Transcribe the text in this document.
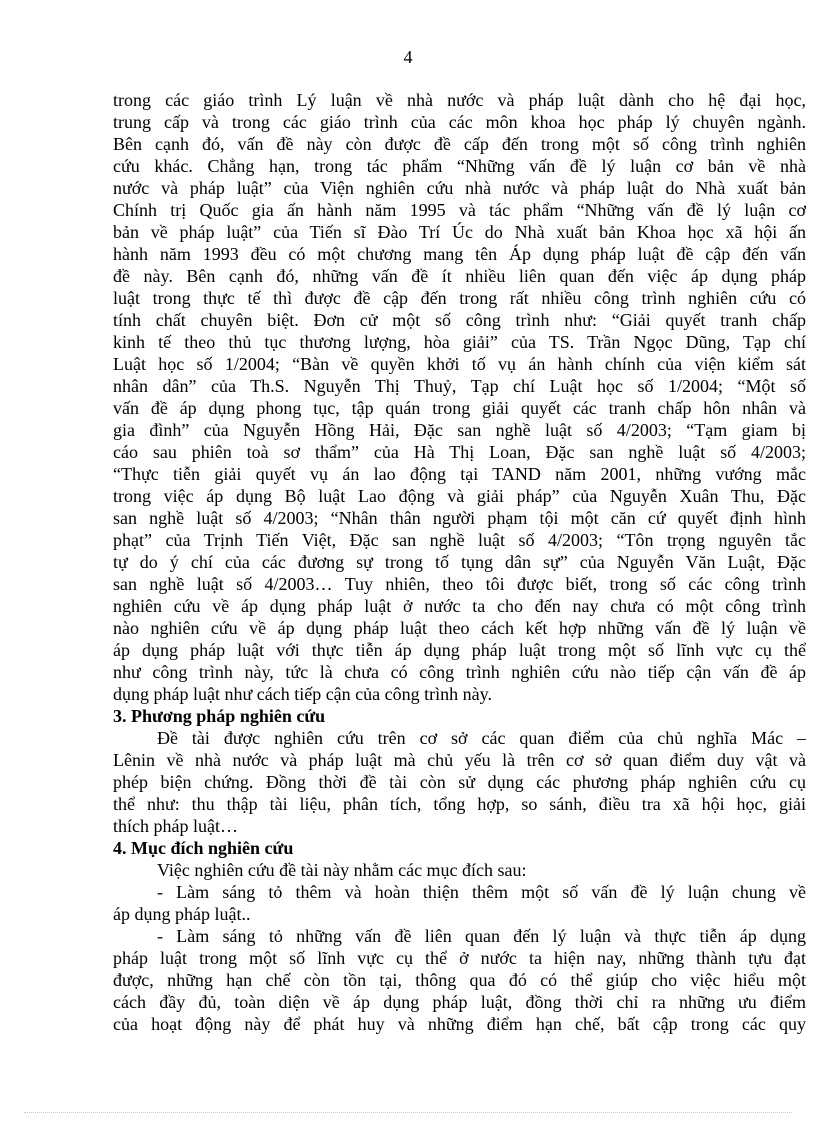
4
trong các giáo trình Lý luận về nhà nước và pháp luật dành cho hệ đại học,
trung cấp và trong các giáo trình của các môn khoa học pháp lý chuyên ngành.
Bên cạnh đó, vấn đề này còn được đề cấp đến trong một số công trình nghiên
cứu khác. Chẳng hạn, trong tác phẩm “Những vấn đề lý luận cơ bản về nhà
nước và pháp luật” của Viện nghiên cứu nhà nước và pháp luật do Nhà xuất bản
Chính trị Quốc gia ấn hành năm 1995 và tác phẩm “Những vấn đề lý luận cơ
bản về pháp luật” của Tiến sĩ Đào Trí Úc do Nhà xuất bản Khoa học xã hội ấn
hành năm 1993 đều có một chương mang tên Áp dụng pháp luật đề cập đến vấn
đề này. Bên cạnh đó, những vấn đề ít nhiều liên quan đến việc áp dụng pháp
luật trong thực tế thì được đề cập đến trong rất nhiều công trình nghiên cứu có
tính chất chuyên biệt. Đơn cử một số công trình như: “Giải quyết tranh chấp
kinh tế theo thủ tục thương lượng, hòa giải” của TS. Trần Ngọc Dũng, Tạp chí
Luật học số 1/2004; “Bàn về quyền khởi tố vụ án hành chính của viện kiểm sát
nhân dân” của Th.S. Nguyễn Thị Thuỷ, Tạp chí Luật học số 1/2004; “Một số
vấn đề áp dụng phong tục, tập quán trong giải quyết các tranh chấp hôn nhân và
gia đình” của Nguyễn Hồng Hải, Đặc san nghề luật số 4/2003; “Tạm giam bị
cáo sau phiên toà sơ thẩm” của Hà Thị Loan, Đặc san nghề luật số 4/2003;
“Thực tiễn giải quyết vụ án lao động tại TAND năm 2001, những vướng mắc
trong việc áp dụng Bộ luật Lao động và giải pháp” của Nguyễn Xuân Thu, Đặc
san nghề luật số 4/2003; “Nhân thân người phạm tội một căn cứ quyết định hình
phạt” của Trịnh Tiến Việt, Đặc san nghề luật số 4/2003; “Tôn trọng nguyên tắc
tự do ý chí của các đương sự trong tố tụng dân sự” của Nguyễn Văn Luật, Đặc
san nghề luật số 4/2003… Tuy nhiên, theo tôi được biết, trong số các công trình
nghiên cứu về áp dụng pháp luật ở nước ta cho đến nay chưa có một công trình
nào nghiên cứu về áp dụng pháp luật theo cách kết hợp những vấn đề lý luận về
áp dụng pháp luật với thực tiễn áp dụng pháp luật trong một số lĩnh vực cụ thể
như công trình này, tức là chưa có công trình nghiên cứu nào tiếp cận vấn đề áp
dụng pháp luật như cách tiếp cận của công trình này.
3. Phương pháp nghiên cứu
Đề tài được nghiên cứu trên cơ sở các quan điểm của chủ nghĩa Mác –
Lênin về nhà nước và pháp luật mà chủ yếu là trên cơ sở quan điểm duy vật và
phép biện chứng. Đồng thời đề tài còn sử dụng các phương pháp nghiên cứu cụ
thể như: thu thập tài liệu, phân tích, tổng hợp, so sánh, điều tra xã hội học, giải
thích pháp luật…
4. Mục đích nghiên cứu
Việc nghiên cứu đề tài này nhằm các mục đích sau:
- Làm sáng tỏ thêm và hoàn thiện thêm một số vấn đề lý luận chung về
áp dụng pháp luật..
- Làm sáng tỏ những vấn đề liên quan đến lý luận và thực tiễn áp dụng
pháp luật trong một số lĩnh vực cụ thể ở nước ta hiện nay, những thành tựu đạt
được, những hạn chế còn tồn tại, thông qua đó có thể giúp cho việc hiểu một
cách đầy đủ, toàn diện về áp dụng pháp luật, đồng thời chỉ ra những ưu điểm
của hoạt động này để phát huy và những điểm hạn chế, bất cập trong các quy
